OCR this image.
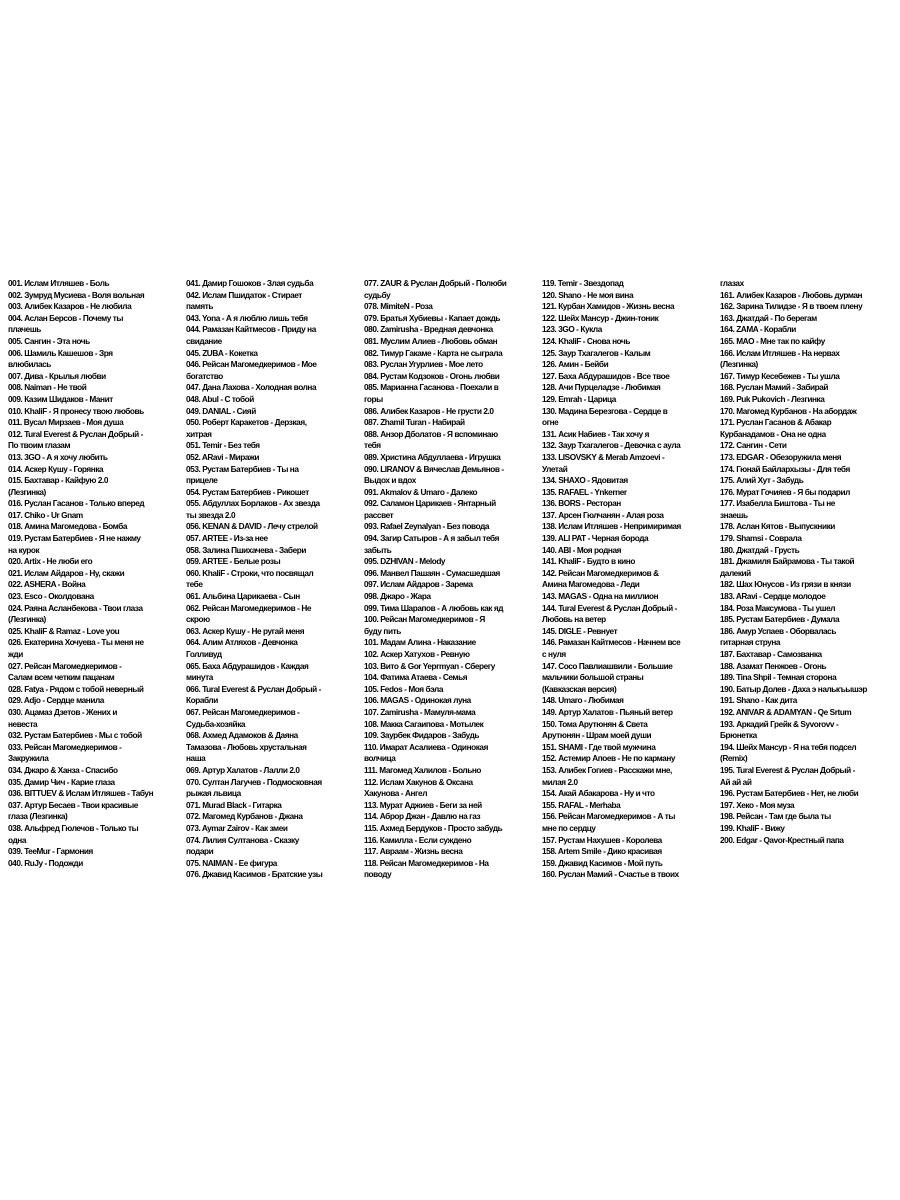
001. Ислам Итляшев - Боль
002. Зумруд Мусиева - Воля вольная
003. Алибек Казаров - Не любила
004. Аслан Берсов - Почему ты
плачешь
005. Сангин - Эта ночь
006. Шамиль Кашешов - Зря
влюбилась
007. Дива - Крылья любви
008. Naiman - Не твой
009. Казим Шидаков - Манит
010. KhaliF - Я пронесу твою любовь
011. Вусал Мирзаев - Моя душа
012. Tural Everest & Руслан Добрый -
По твоим глазам
013. 3GO - А я хочу любить
014. Аскер Кушу - Горянка
015. Бахтавар - Кайфую 2.0
(Лезгинка)
016. Руслан Гасанов - Только вперед
017. Chiko - Ur Gnam
018. Амина Магомедова - Бомба
019. Рустам Батербиев - Я не нажму
на курок
020. Artix - Не люби его
021. Ислам Айдаров - Ну, скажи
022. ASHERA - Война
023. Esco - Околдована
024. Раяна Асланбекова - Твои глаза
(Лезгинка)
025. KhaliF & Ramaz - Love you
026. Екатерина Хочуева - Ты меня не
жди
027. Рейсан Магомедкеримов -
Салам всем четким пацанам
028. Fatya - Рядом с тобой неверный
029. Adjo - Сердце манила
030. Ацамаз Дзетов - Жених и
невеста
032. Рустам Батербиев - Мы с тобой
033. Рейсан Магомедкеримов -
Закружила
034. Джаро & Ханза - Спасибо
035. Дамир Чич - Карие глаза
036. BITTUEV & Ислам Итляшев - Табун
037. Артур Бесаев - Твои красивые
глаза (Лезгинка)
038. Альфред Гюлечов - Только ты
одна
039. TeeMur - Гармония
040. RuJy - Подожди
041. Дамир Гошоков - Злая судьба
042. Ислам Пшидаток - Стирает
память
043. Yona - А я люблю лишь тебя
044. Рамазан Кайтмесов - Приду на
свидание
045. ZUBA - Кокетка
046. Рейсан Магомедкеримов - Мое
богатство
047. Дана Лахова - Холодная волна
048. Abul - С тобой
049. DANIAL - Сияй
050. Роберт Каракетов - Дерзкая,
хитрая
051. Temir - Без тебя
052. ARavi - Миражи
053. Рустам Батербиев - Ты на
прицеле
054. Рустам Батербиев - Рикошет
055. Абдуллах Борлаков - Ах звезда
ты звезда 2.0
056. KENAN & DAVID - Лечу стрелой
057. ARTEE - Из-за нее
058. Залина Пшихачева - Забери
059. ARTEE - Белые розы
060. KhaliF - Строки, что посвящал
тебе
061. Альбина Царикаева - Сын
062. Рейсан Магомедкеримов - Не
скрою
063. Аскер Кушу - Не ругай меня
064. Алим Атляхов - Девчонка
Голливуд
065. Баха Абдурашидов - Каждая
минута
066. Tural Everest & Руслан Добрый -
Корабли
067. Рейсан Магомедкеримов -
Судьба-хозяйка
068. Ахмед Адамоков & Даяна
Тамазова - Любовь хрустальная
наша
069. Артур Халатов - Лалли 2.0
070. Султан Лагучев - Подмосковная
рыжая львица
071. Murad Black - Гитарка
072. Магомед Курбанов - Джана
073. Aymar Zairov - Как змеи
074. Лилия Султанова - Сказку
подари
075. NAIMAN - Ее фигура
076. Джавид Касимов - Братские узы
077. ZAUR & Руслан Добрый - Полюби
судьбу
078. MimiteN - Роза
079. Братья Хубиевы - Капает дождь
080. Zamirusha - Вредная девчонка
081. Муслим Алиев - Любовь обман
082. Тимур Гакаме - Карта не сыграла
083. Руслан Угурлиев - Мое лето
084. Рустам Кодзоков - Огонь любви
085. Марианна Гасанова - Поехали в
горы
086. Алибек Казаров - Не грусти 2.0
087. Zhamil Turan - Набирай
088. Анзор Дболатов - Я вспоминаю
тебя
089. Христина Абдуллаева - Игрушка
090. LIRANOV & Вячеслав Демьянов -
Выдох и вдох
091. Akmalov & Umaro - Далеко
092. Саламон Царикаев - Янтарный
рассвет
093. Rafael Zeynalyan - Без повода
094. Загир Сатыров - А я забыл тебя
забыть
095. DZHIVAN - Melody
096. Манвел Пашаян - Сумасшедшая
097. Ислам Айдаров - Зарема
098. Джаро - Жара
099. Тима Шарапов - А любовь как яд
100. Рейсан Магомедкеримов - Я
буду пить
101. Мадам Алина - Наказание
102. Аскер Хатухов - Ревную
103. Вито & Gor Yeprmyan - Сберегу
104. Фатима Атаева - Семья
105. Fedos - Моя бэла
106. MAGAS - Одинокая луна
107. Zamirusha - Мамуля-мама
108. Макка Сагаипова - Мотылек
109. Заурбек Фидаров - Забудь
110. Имарат Асалиева - Одинокая
волчица
111. Магомед Халилов - Больно
112. Ислам Хакунов & Оксана
Хакунова - Ангел
113. Мурат Аджиев - Беги за ней
114. Аброр Джан - Давлю на газ
115. Ахмед Бердуков - Просто забудь
116. Камилла - Если суждено
117. Авраам - Жизнь весна
118. Рейсан Магомедкеримов - На
поводу
119. Temir - Звездопад
120. Shano - Не моя вина
121. Курбан Хамидов - Жизнь весна
122. Шейх Мансур - Джин-тоник
123. 3GO - Кукла
124. KhaliF - Снова ночь
125. Заур Тхагалегов - Калым
126. Амин - Бейби
127. Баха Абдурашидов - Все твое
128. Ачи Пурцеладзе - Любимая
129. Emrah - Царица
130. Мадина Березгова - Сердце в
огне
131. Асик Набиев - Так хочу я
132. Заур Тхагалегов - Девочка с аула
133. LISOVSKY & Merab Amzoevi -
Улетай
134. SHAXO - Ядовитая
135. RAFAEL - Ynkerner
136. BORS - Ресторан
137. Арсен Гюлчанян - Алая роза
138. Ислам Итляшев - Непримиримая
139. ALI PAT - Черная борода
140. ABI - Моя родная
141. KhaliF - Будто в кино
142. Рейсан Магомедкеримов &
Амина Магомедова - Леди
143. MAGAS - Одна на миллион
144. Tural Everest & Руслан Добрый -
Любовь на ветер
145. DIGLE - Ревнует
146. Рамазан Кайтмесов - Начнем все
с нуля
147. Сосо Павлиашвили - Большие
мальчики большой страны
(Кавказская версия)
148. Umaro - Любимая
149. Артур Халатов - Пьяный ветер
150. Тома Арутюнян & Света
Арутюнян - Шрам моей души
151. SHAMI - Где твой мужчина
152. Астемир Апоев - Не по карману
153. Алибек Гогиев - Расскажи мне,
милая 2.0
154. Акай Абакарова - Ну и что
155. RAFAL - Merhaba
156. Рейсан Магомедкеримов - А ты
мне по сердцу
157. Рустам Нахушев - Королева
158. Artem Smile - Дико красивая
159. Джавид Касимов - Мой путь
160. Руслан Мамий - Счастье в твоих
глазах
161. Алибек Казаров - Любовь дурман
162. Зарина Тилидзе - Я в твоем плену
163. Джатдай - По берегам
164. ZAMA - Корабли
165. MAO - Мне так по кайфу
166. Ислам Итляшев - На нервах
(Лезгинка)
167. Тимур Кесебежев - Ты ушла
168. Руслан Мамий - Забирай
169. Puk Pukovich - Лезгинка
170. Магомед Курбанов - На абордаж
171. Руслан Гасанов & Абакар
Курбанадамов - Она не одна
172. Сангин - Сети
173. EDGAR - Обезоружила меня
174. Гюнай Байлархызы - Для тебя
175. Алий Хут - Забудь
176. Мурат Гочияев - Я бы подарил
177. Изабелла Биштова - Ты не
знаешь
178. Аслан Кятов - Выпускники
179. Shamsi - Соврала
180. Джатдай - Грусть
181. Джамиля Байрамова - Ты такой
далекий
182. Шах Юнусов - Из грязи в князи
183. ARavi - Сердце молодое
184. Роза Максумова - Ты ушел
185. Рустам Батербиев - Думала
186. Амур Успаев - Оборвалась
гитарная струна
187. Бахтавар - Самозванка
188. Азамат Пенжоев - Огонь
189. Tina Shpil - Темная сторона
190. Батыр Долев - Даха э налькъышэр
191. Shano - Как дита
192. ANIVAR & ADAMYAN - Qe Srtum
193. Аркадий Грейк & Syvorovv -
Брюнетка
194. Шейх Мансур - Я на тебя подсел
(Remix)
195. Tural Everest & Руслан Добрый -
Ай ай ай
196. Рустам Батербиев - Нет, не люби
197. Хеко - Моя муза
198. Рейсан - Там где была ты
199. KhaliF - Вижу
200. Edgar - Qavor-Крестный папа
